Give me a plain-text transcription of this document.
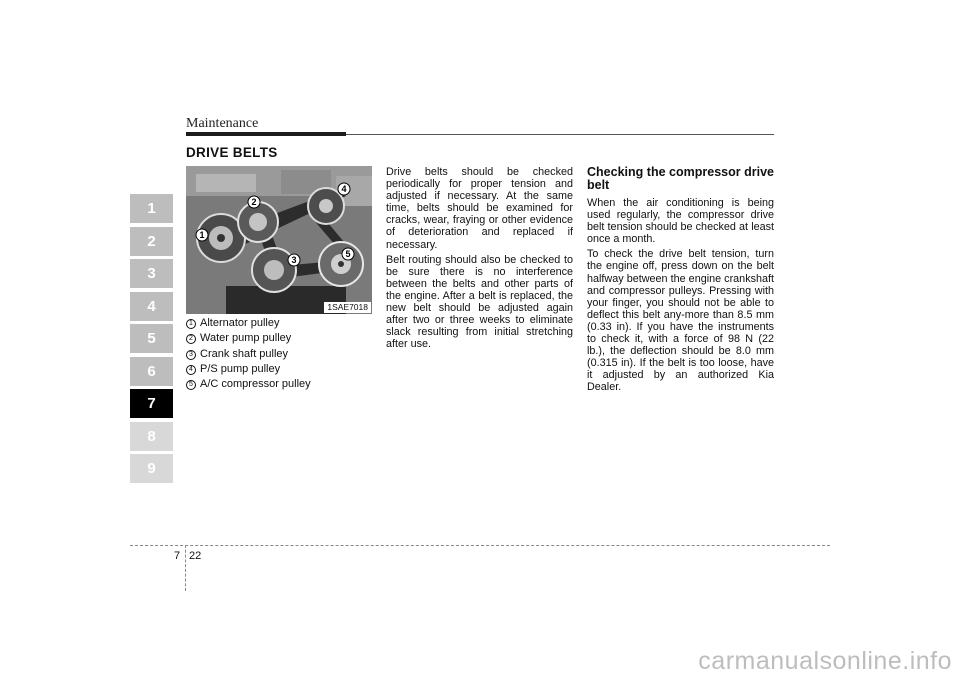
Maintenance
1
2
3
4
5
6
7
8
9
DRIVE BELTS
1
2
3
4
5
1SAE7018
1 Alternator pulley
2 Water pump pulley
3 Crank shaft pulley
4 P/S pump pulley
5 A/C compressor pulley

Drive belts should be checked periodically for proper tension and adjusted if necessary. At the same time, belts should be examined for cracks, wear, fraying or other evidence of deterioration and replaced if necessary.

Belt routing should also be checked to be sure there is no interference between the belts and other parts of the engine. After a belt is replaced, the new belt should be adjusted again after two or three weeks to eliminate slack resulting from initial stretching after use.

Checking the compressor drive belt

When the air conditioning is being used regularly, the compressor drive belt tension should be checked at least once a month.

To check the drive belt tension, turn the engine off, press down on the belt halfway between the engine crankshaft and compressor pulleys. Pressing with your finger, you should not be able to deflect this belt any-more than 8.5 mm (0.33 in). If you have the instruments to check it, with a force of 98 N (22 lb.), the deflection should be 8.0 mm (0.315 in). If the belt is too loose, have it adjusted by an authorized Kia Dealer.

7 22
carmanualsonline.info
